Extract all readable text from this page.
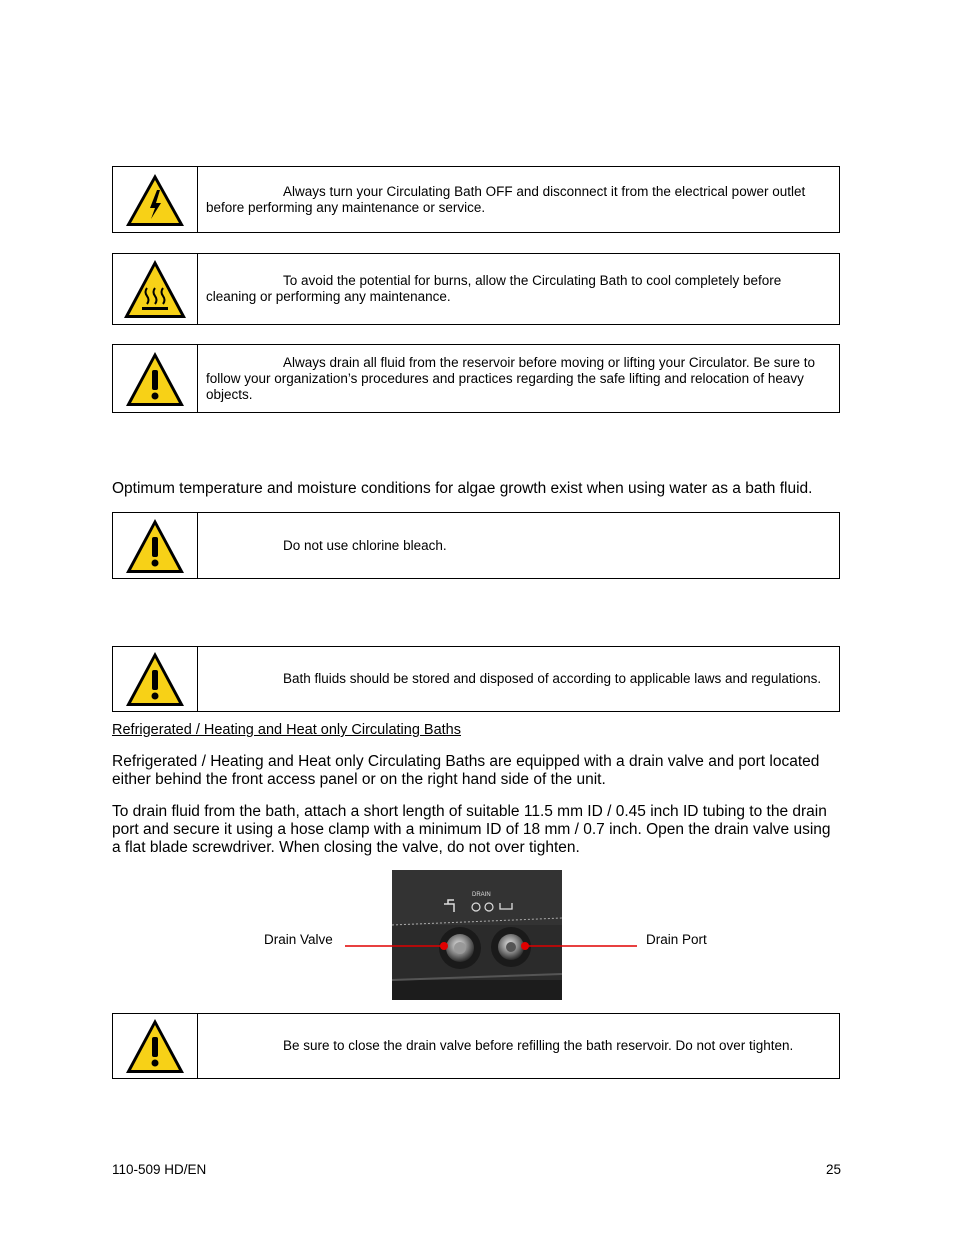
Always turn your Circulating Bath OFF and disconnect it from the electrical power outlet before performing any maintenance or service.

To avoid the potential for burns, allow the Circulating Bath to cool completely before cleaning or performing any maintenance.

Always drain all fluid from the reservoir before moving or lifting your Circulator. Be sure to follow your organization’s procedures and practices regarding the safe lifting and relocation of heavy objects.

Optimum temperature and moisture conditions for algae growth exist when using water as a bath fluid.

Do not use chlorine bleach.

Bath fluids should be stored and disposed of according to applicable laws and regulations.

Refrigerated / Heating and Heat only Circulating Baths

Refrigerated / Heating and Heat only Circulating Baths are equipped with a drain valve and port located either behind the front access panel or on the right hand side of the unit.

To drain fluid from the bath, attach a short length of suitable 11.5 mm ID / 0.45 inch ID tubing to the drain port and secure it using a hose clamp with a minimum ID of 18 mm / 0.7 inch. Open the drain valve using a flat blade screwdriver. When closing the valve, do not over tighten.

DRAIN
Drain Valve	Drain Port

Be sure to close the drain valve before refilling the bath reservoir. Do not over tighten.

110-509 HD/EN	25
